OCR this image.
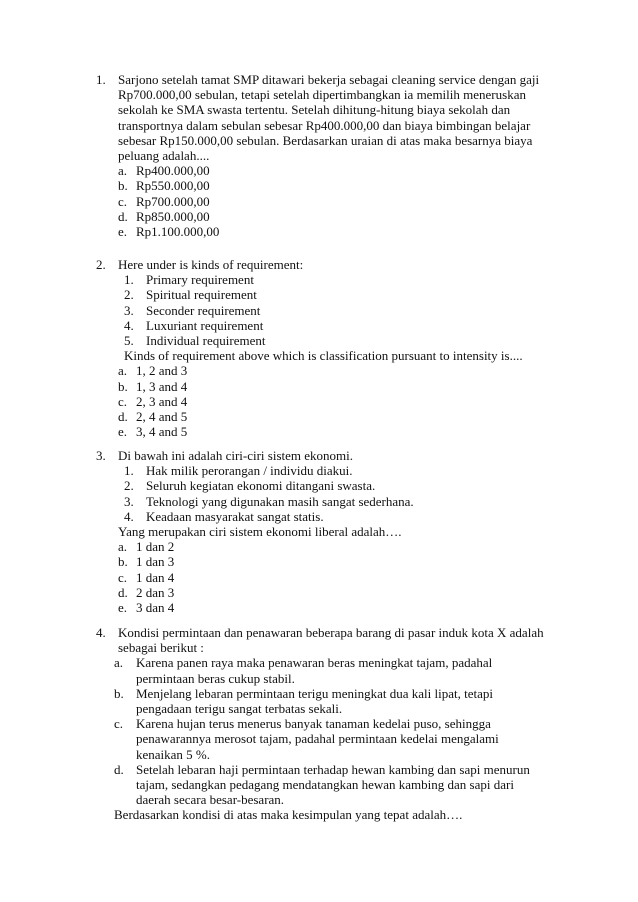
1. Sarjono setelah tamat SMP ditawari bekerja sebagai cleaning service dengan gaji
Rp700.000,00 sebulan, tetapi setelah dipertimbangkan ia memilih meneruskan
sekolah ke SMA swasta tertentu. Setelah dihitung-hitung biaya sekolah dan
transportnya dalam sebulan sebesar Rp400.000,00 dan biaya bimbingan belajar
sebesar Rp150.000,00 sebulan. Berdasarkan uraian di atas maka besarnya biaya
peluang adalah....
a. Rp400.000,00
b. Rp550.000,00
c. Rp700.000,00
d. Rp850.000,00
e. Rp1.100.000,00
2. Here under is kinds of requirement:
1. Primary requirement
2. Spiritual requirement
3. Seconder requirement
4. Luxuriant requirement
5. Individual requirement
Kinds of requirement above which is classification pursuant to intensity is....
a. 1, 2 and 3
b. 1, 3 and 4
c. 2, 3 and 4
d. 2, 4 and 5
e. 3, 4 and 5
3. Di bawah ini adalah ciri-ciri sistem ekonomi.
1. Hak milik perorangan / individu diakui.
2. Seluruh kegiatan ekonomi ditangani swasta.
3. Teknologi yang digunakan masih sangat sederhana.
4. Keadaan masyarakat sangat statis.
Yang merupakan ciri sistem ekonomi liberal adalah….
a. 1 dan 2
b. 1 dan 3
c. 1 dan 4
d. 2 dan 3
e. 3 dan 4
4. Kondisi permintaan dan penawaran beberapa barang di pasar induk kota X adalah
sebagai berikut :
a. Karena panen raya maka penawaran beras meningkat tajam, padahal
permintaan beras cukup stabil.
b. Menjelang lebaran permintaan terigu meningkat dua kali lipat, tetapi
pengadaan terigu sangat terbatas sekali.
c. Karena hujan terus menerus banyak tanaman kedelai puso, sehingga
penawarannya merosot tajam, padahal permintaan kedelai mengalami
kenaikan 5 %.
d. Setelah lebaran haji permintaan terhadap hewan kambing dan sapi menurun
tajam, sedangkan pedagang mendatangkan hewan kambing dan sapi dari
daerah secara besar-besaran.
Berdasarkan kondisi di atas maka kesimpulan yang tepat adalah….
